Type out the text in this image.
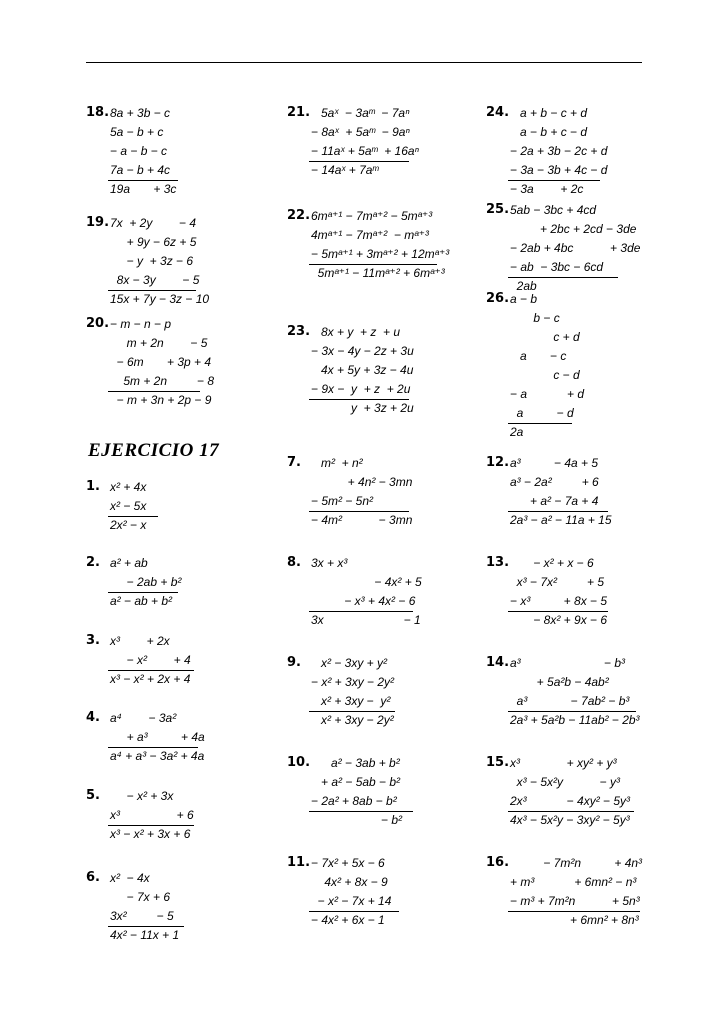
EJERCICIO 17
18. 8a + 3b − c
5a − b + c
− a − b − c
7a − b + 4c
19a       + 3c
19. 7x  + 2y        − 4
+ 9y − 6z + 5
− y  + 3z − 6
8x − 3y        − 5
15x + 7y − 3z − 10
20. − m − n − p
m + 2n        − 5
− 6m       + 3p + 4
5m + 2n         − 8
− m + 3n + 2p − 9
21. 5aˣ  − 3aᵐ  − 7aⁿ
− 8aˣ  + 5aᵐ  − 9aⁿ
− 11aˣ + 5aᵐ  + 16aⁿ
− 14aˣ + 7aᵐ
22. 6mᵃ⁺¹ − 7mᵃ⁺² − 5mᵃ⁺³
4mᵃ⁺¹ − 7mᵃ⁺²  − mᵃ⁺³
− 5mᵃ⁺¹ + 3mᵃ⁺² + 12mᵃ⁺³
5mᵃ⁺¹ − 11mᵃ⁺² + 6mᵃ⁺³
23. 8x + y  + z  + u
− 3x − 4y − 2z + 3u
4x + 5y + 3z − 4u
− 9x −  y  + z  + 2u
y  + 3z + 2u
24. a + b − c + d
a − b + c − d
− 2a + 3b − 2c + d
− 3a − 3b + 4c − d
− 3a        + 2c
25. 5ab − 3bc + 4cd
+ 2bc + 2cd − 3de
− 2ab + 4bc           + 3de
− ab  − 3bc − 6cd
2ab
26. a − b
b − c
c + d
a       − c
c − d
− a            + d
a          − d
2a
1. x² + 4x
x² − 5x
2x² − x
2. a² + ab
− 2ab + b²
a² − ab + b²
3. x³        + 2x
− x²        + 4
x³ − x² + 2x + 4
4. a⁴        − 3a²
+ a³          + 4a
a⁴ + a³ − 3a² + 4a
5. − x² + 3x
x³                 + 6
x³ − x² + 3x + 6
6. x²  − 4x
− 7x + 6
3x²         − 5
4x² − 11x + 1
7. m²  + n²
+ 4n² − 3mn
− 5m² − 5n²
− 4m²           − 3mn
8. 3x + x³
− 4x² + 5
− x³ + 4x² − 6
3x                        − 1
9. x² − 3xy + y²
− x² + 3xy − 2y²
x² + 3xy −  y²
x² + 3xy − 2y²
10. a² − 3ab + b²
+ a² − 5ab − b²
− 2a² + 8ab − b²
− b²
11. − 7x² + 5x − 6
4x² + 8x − 9
− x² − 7x + 14
− 4x² + 6x − 1
12. a³          − 4a + 5
a³ − 2a²         + 6
+ a² − 7a + 4
2a³ − a² − 11a + 15
13. − x² + x − 6
x³ − 7x²         + 5
− x³          + 8x − 5
− 8x² + 9x − 6
14. a³                         − b³
+ 5a²b − 4ab²
a³             − 7ab² − b³
2a³ + 5a²b − 11ab² − 2b³
15. x³              + xy² + y³
x³ − 5x²y           − y³
2x³            − 4xy² − 5y³
4x³ − 5x²y − 3xy² − 5y³
16. − 7m²n          + 4n³
+ m³            + 6mn² − n³
− m³ + 7m²n           + 5n³
+ 6mn² + 8n³
